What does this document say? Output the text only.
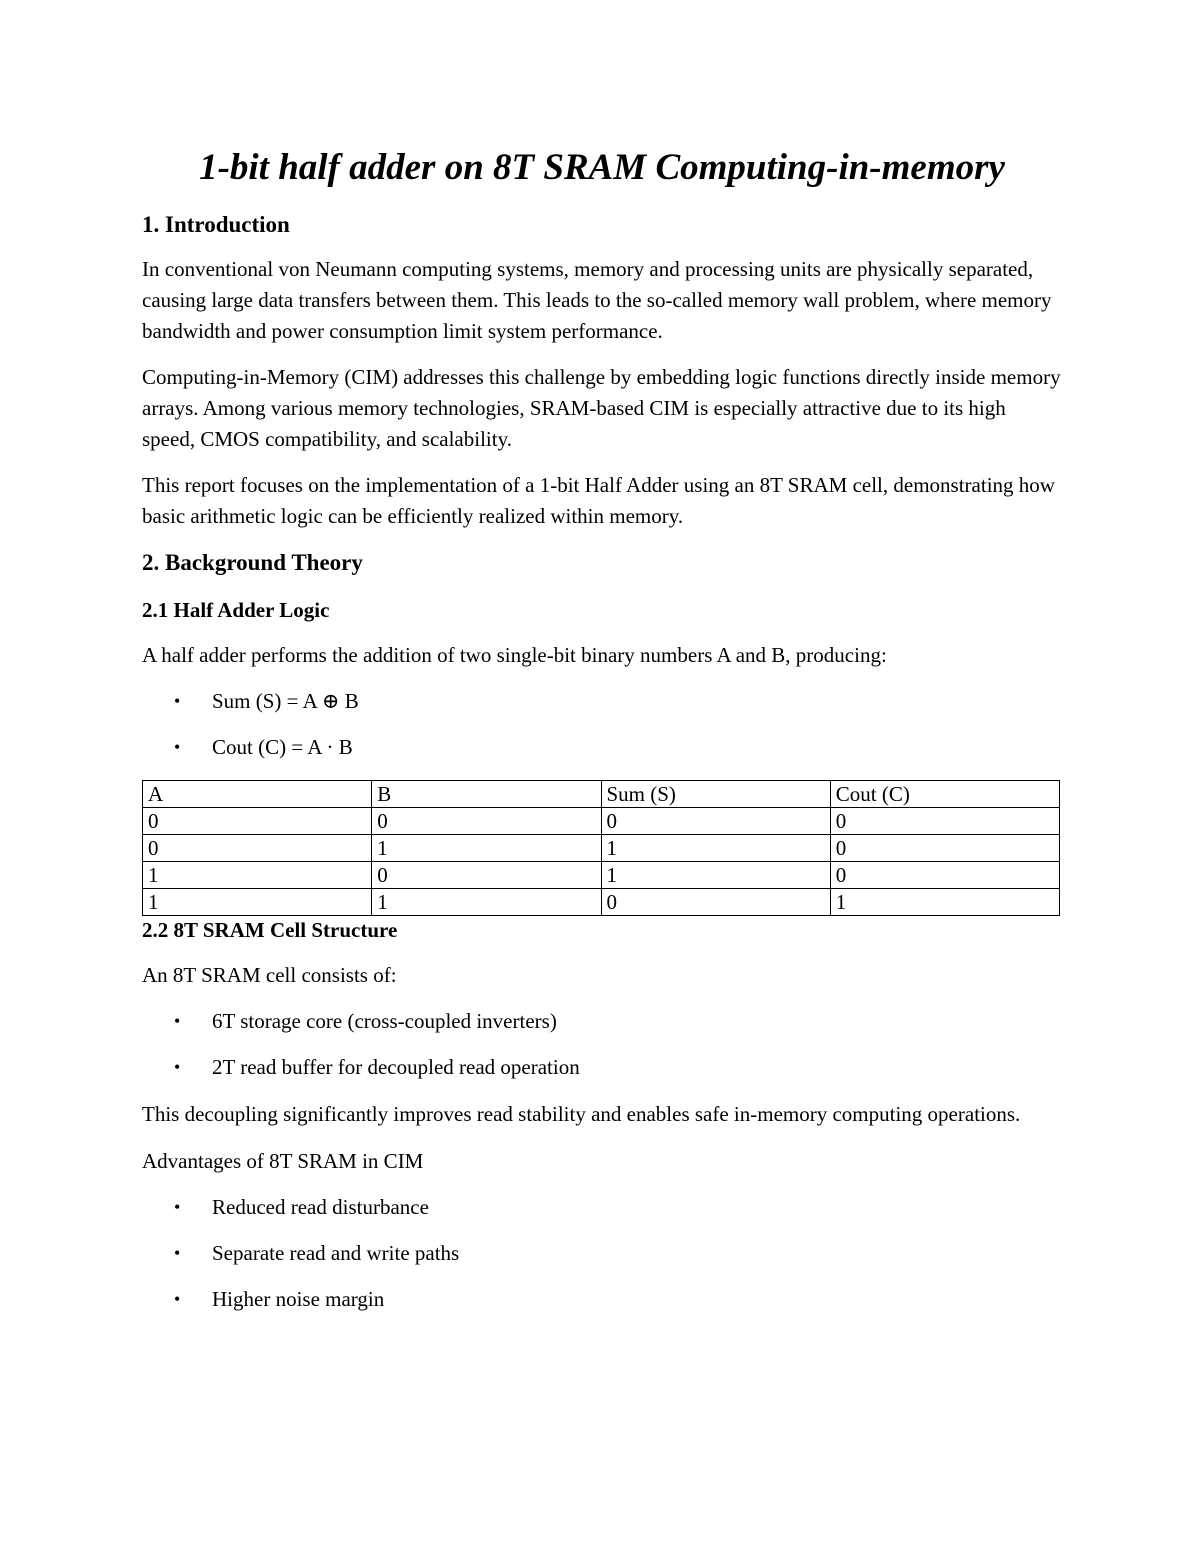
1-bit half adder on 8T SRAM Computing-in-memory
1. Introduction

In conventional von Neumann computing systems, memory and processing units are physically separated, causing large data transfers between them. This leads to the so-called memory wall problem, where memory bandwidth and power consumption limit system performance.

Computing-in-Memory (CIM) addresses this challenge by embedding logic functions directly inside memory arrays. Among various memory technologies, SRAM-based CIM is especially attractive due to its high speed, CMOS compatibility, and scalability.

This report focuses on the implementation of a 1-bit Half Adder using an 8T SRAM cell, demonstrating how basic arithmetic logic can be efficiently realized within memory.

2. Background Theory
2.1 Half Adder Logic

A half adder performs the addition of two single-bit binary numbers A and B, producing:

• Sum (S) = A ⊕ B
• Cout (C) = A · B
A	B	Sum (S)	Cout (C)
0	0	0	0
0	1	1	0
1	0	1	0
1	1	0	1
2.2 8T SRAM Cell Structure

An 8T SRAM cell consists of:

• 6T storage core (cross-coupled inverters)
• 2T read buffer for decoupled read operation

This decoupling significantly improves read stability and enables safe in-memory computing operations.

Advantages of 8T SRAM in CIM

• Reduced read disturbance
• Separate read and write paths
• Higher noise margin
